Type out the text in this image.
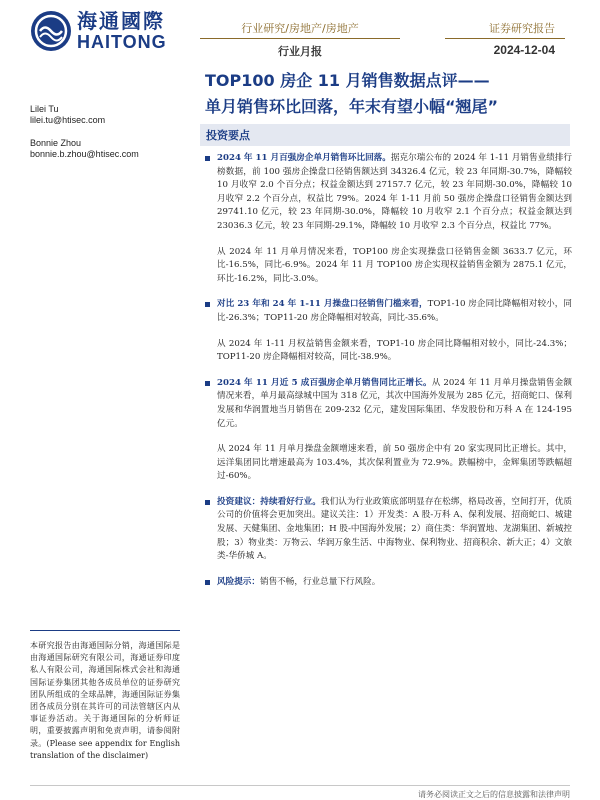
海通國際
HAITONG
行业研究/房地产/房地产
行业月报
证券研究报告
2024-12-04
TOP100 房企 11 月销售数据点评——
单月销售环比回落，年末有望小幅“翘尾”
Lilei Tu
lilei.tu@htisec.com
Bonnie Zhou
bonnie.b.zhou@htisec.com
投资要点

2024 年 11 月百强房企单月销售环比回落。据克尔瑞公布的 2024 年 1-11 月销售业绩排行榜数据，前 100 强房企操盘口径销售额达到 34326.4 亿元，较 23 年同期-30.7%，降幅较 10 月收窄 2.0 个百分点；权益金额达到 27157.7 亿元，较 23 年同期-30.0%，降幅较 10 月收窄 2.2 个百分点，权益比 79%。2024 年 1-11 月前 50 强房企操盘口径销售金额达到 29741.10 亿元，较 23 年同期-30.0%，降幅较 10 月收窄 2.1 个百分点；权益金额达到 23036.3 亿元，较 23 年同期-29.1%，降幅较 10 月收窄 2.3 个百分点，权益比 77%。

从 2024 年 11 月单月情况来看，TOP100 房企实现操盘口径销售金额 3633.7 亿元，环比-16.5%，同比-6.9%。2024 年 11 月 TOP100 房企实现权益销售金额为 2875.1 亿元，环比-16.2%，同比-3.0%。

对比 23 年和 24 年 1-11 月操盘口径销售门槛来看，TOP1-10 房企同比降幅相对较小，同比-26.3%；TOP11-20 房企降幅相对较高，同比-35.6%。

从 2024 年 1-11 月权益销售金额来看，TOP1-10 房企同比降幅相对较小，同比-24.3%；TOP11-20 房企降幅相对较高，同比-38.9%。

2024 年 11 月近 5 成百强房企单月销售同比正增长。从 2024 年 11 月单月操盘销售金额情况来看，单月最高绿城中国为 318 亿元，其次中国海外发展为 285 亿元，招商蛇口、保利发展和华润置地当月销售在 209-232 亿元，建发国际集团、华发股份和万科 A 在 124-195 亿元。

从 2024 年 11 月单月操盘金额增速来看，前 50 强房企中有 20 家实现同比正增长。其中，远洋集团同比增速最高为 103.4%，其次保利置业为 72.9%。跌幅榜中，金辉集团等跌幅超过-60%。

投资建议：持续看好行业。我们认为行业政策底部明显存在松绑，格局改善，空间打开，优质公司的价值将会更加突出。建议关注：1）开发类：A 股-万科 A、保利发展、招商蛇口、城建发展、天健集团、金地集团；H 股-中国海外发展；2）商住类：华润置地、龙湖集团、新城控股；3）物业类：万物云、华润万象生活、中海物业、保利物业、招商积余、新大正；4）文旅类-华侨城 A。

风险提示：销售不畅，行业总量下行风险。

本研究报告由海通国际分销，海通国际是由海通国际研究有限公司，海通证券印度私人有限公司，海通国际株式会社和海通国际证券集团其他各成员单位的证券研究团队所组成的全球品牌，海通国际证券集团各成员分别在其许可的司法管辖区内从事证券活动。关于海通国际的分析师证明，重要披露声明和免责声明，请参阅附录。(Please see appendix for English translation of the disclaimer)
请务必阅读正文之后的信息披露和法律声明
